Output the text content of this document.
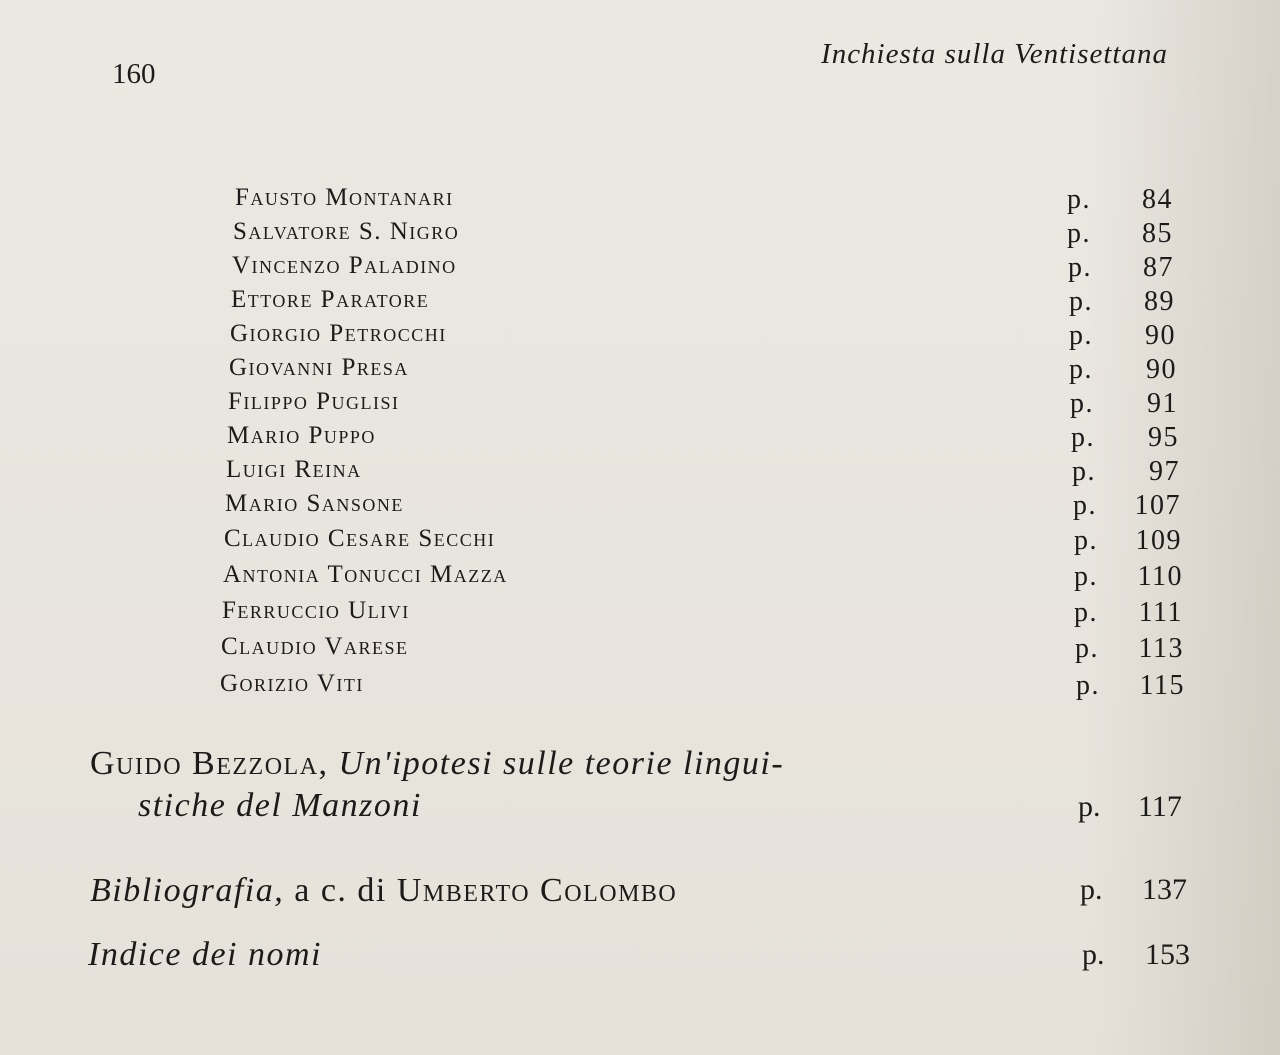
160
Inchiesta sulla Ventisettana
Fausto Montanari	p.	84
Salvatore S. Nigro	p.	85
Vincenzo Paladino	p.	87
Ettore Paratore	p.	89
Giorgio Petrocchi	p.	90
Giovanni Presa	p.	90
Filippo Puglisi	p.	91
Mario Puppo	p.	95
Luigi Reina	p.	97
Mario Sansone	p.	107
Claudio Cesare Secchi	p.	109
Antonia Tonucci Mazza	p.	110
Ferruccio Ulivi	p.	111
Claudio Varese	p.	113
Gorizio Viti	p.	115
Guido Bezzola, Un'ipotesi sulle teorie lingui-
stiche del Manzoni	p. 117
Bibliografia, a c. di Umberto Colombo	p. 137
Indice dei nomi	p. 153
